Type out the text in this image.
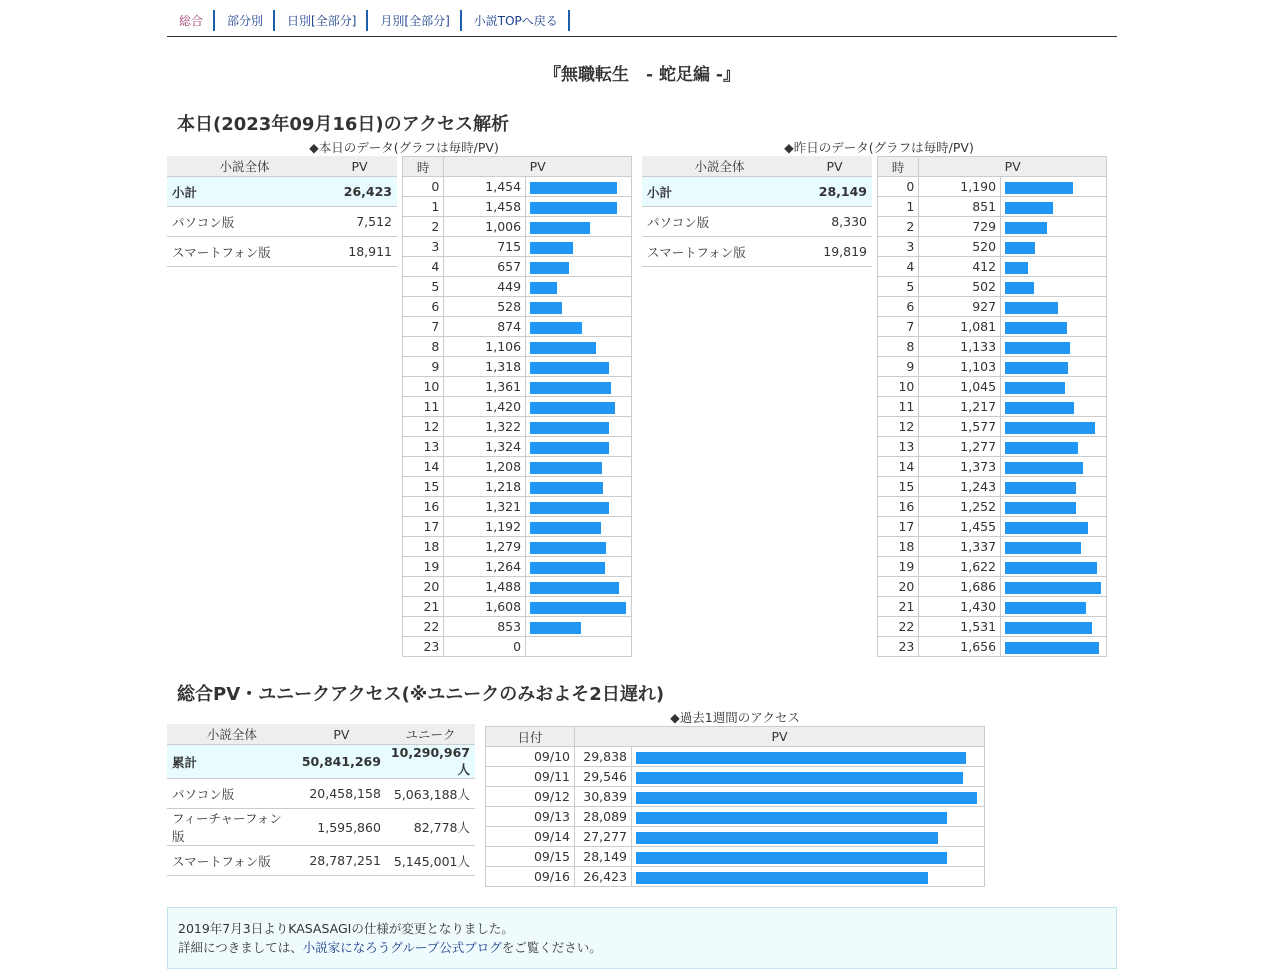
総合	部分別	日別[全部分]	月別[全部分]	小説TOPへ戻る
『無職転生　- 蛇足編 -』
本日(2023年09月16日)のアクセス解析
◆本日のデータ(グラフは毎時/PV)
小説全体	PV
小計	26,423
パソコン版	7,512
スマートフォン版	18,911
時	PV	
0	1,454	
1	1,458	
2	1,006	
3	715	
4	657	
5	449	
6	528	
7	874	
8	1,106	
9	1,318	
10	1,361	
11	1,420	
12	1,322	
13	1,324	
14	1,208	
15	1,218	
16	1,321	
17	1,192	
18	1,279	
19	1,264	
20	1,488	
21	1,608	
22	853	
23	0	
◆昨日のデータ(グラフは毎時/PV)
小説全体	PV
小計	28,149
パソコン版	8,330
スマートフォン版	19,819
時	PV	
0	1,190	
1	851	
2	729	
3	520	
4	412	
5	502	
6	927	
7	1,081	
8	1,133	
9	1,103	
10	1,045	
11	1,217	
12	1,577	
13	1,277	
14	1,373	
15	1,243	
16	1,252	
17	1,455	
18	1,337	
19	1,622	
20	1,686	
21	1,430	
22	1,531	
23	1,656	
総合PV・ユニークアクセス(※ユニークのみおよそ2日遅れ)
小説全体	PV	ユニーク
累計	50,841,269	10,290,967人
パソコン版	20,458,158	5,063,188人
フィーチャーフォン版	1,595,860	82,778人
スマートフォン版	28,787,251	5,145,001人
◆過去1週間のアクセス
日付	PV	
09/10	29,838	
09/11	29,546	
09/12	30,839	
09/13	28,089	
09/14	27,277	
09/15	28,149	
09/16	26,423	

2019年7月3日よりKASASAGIの仕様が変更となりました。

詳細につきましては、小説家になろうグループ公式ブログをご覧ください。
